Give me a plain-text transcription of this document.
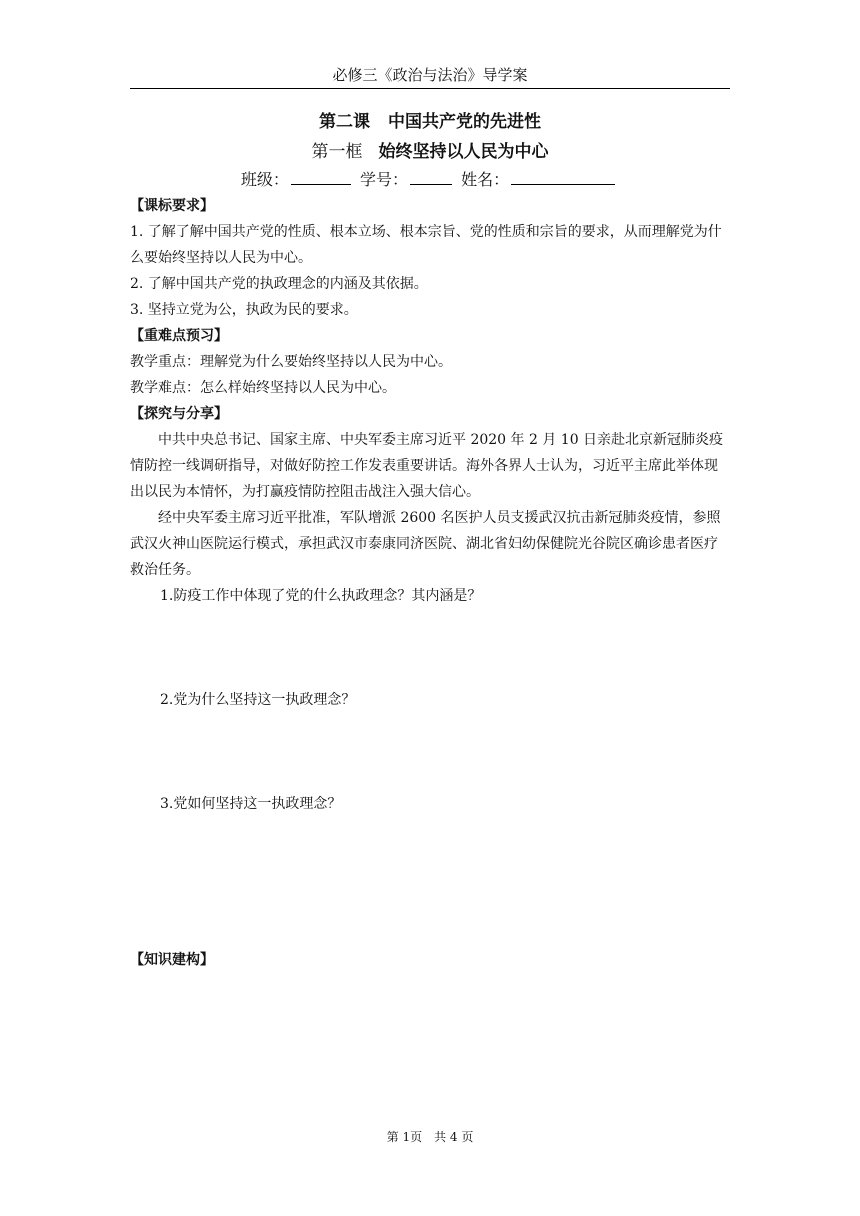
必修三《政治与法治》导学案
第二课 中国共产党的先进性
第一框 始终坚持以人民为中心
班级：	学号：	姓名：

【课标要求】

1. 了解了解中国共产党的性质、根本立场、根本宗旨、党的性质和宗旨的要求，从而理解党为什么要始终坚持以人民为中心。

2. 了解中国共产党的执政理念的内涵及其依据。

3. 坚持立党为公，执政为民的要求。

【重难点预习】

教学重点：理解党为什么要始终坚持以人民为中心。

教学难点：怎么样始终坚持以人民为中心。

【探究与分享】

中共中央总书记、国家主席、中央军委主席习近平 2020 年 2 月 10 日亲赴北京新冠肺炎疫情防控一线调研指导，对做好防控工作发表重要讲话。海外各界人士认为，习近平主席此举体现出以民为本情怀，为打赢疫情防控阻击战注入强大信心。

经中央军委主席习近平批准，军队增派 2600 名医护人员支援武汉抗击新冠肺炎疫情，参照武汉火神山医院运行模式，承担武汉市泰康同济医院、湖北省妇幼保健院光谷院区确诊患者医疗救治任务。

1.防疫工作中体现了党的什么执政理念？其内涵是？

2.党为什么坚持这一执政理念？

3.党如何坚持这一执政理念？

【知识建构】

第 1页 共 4 页
